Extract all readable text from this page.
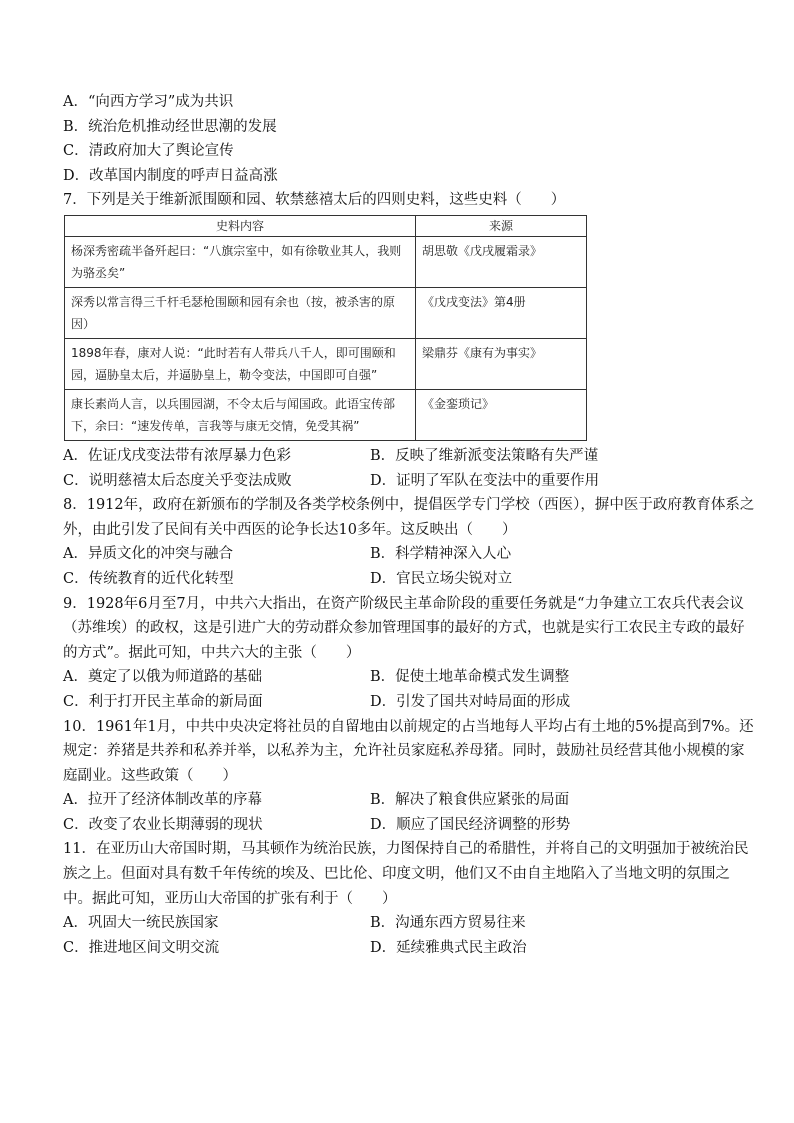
A．“向西方学习”成为共识
B．统治危机推动经世思潮的发展
C．清政府加大了舆论宣传
D．改革国内制度的呼声日益高涨
7．下列是关于维新派围颐和园、软禁慈禧太后的四则史料，这些史料（　　）
史料内容	来源
杨深秀密疏半备歼起曰：“八旗宗室中，如有徐敬业其人，我则为骆丞矣”	胡思敬《戊戌履霜录》
深秀以常言得三千杆毛瑟枪围颐和园有余也（按，被杀害的原因）	《戊戌变法》第4册
1898年春，康对人说：“此时若有人带兵八千人，即可围颐和园，逼胁皇太后，并逼胁皇上，勒令变法，中国即可自强”	梁鼎芬《康有为事实》
康长素尚人言，以兵围园湖，不令太后与闻国政。此语宝传部下，余曰：“速发传单，言我等与康无交情，免受其祸”	《金銮琐记》
A．佐证戊戌变法带有浓厚暴力色彩	B．反映了维新派变法策略有失严谨
C．说明慈禧太后态度关乎变法成败	D．证明了军队在变法中的重要作用
8．1912年，政府在新颁布的学制及各类学校条例中，提倡医学专门学校（西医），摒中医于政府教育体系之
外，由此引发了民间有关中西医的论争长达10多年。这反映出（　　）
A．异质文化的冲突与融合	B．科学精神深入人心
C．传统教育的近代化转型	D．官民立场尖锐对立
9．1928年6月至7月，中共六大指出，在资产阶级民主革命阶段的重要任务就是“力争建立工农兵代表会议
（苏维埃）的政权，这是引进广大的劳动群众参加管理国事的最好的方式，也就是实行工农民主专政的最好
的方式”。据此可知，中共六大的主张（　　）
A．奠定了以俄为师道路的基础	B．促使土地革命模式发生调整
C．利于打开民主革命的新局面	D．引发了国共对峙局面的形成
10．1961年1月，中共中央决定将社员的自留地由以前规定的占当地每人平均占有土地的5%提高到7%。还
规定：养猪是共养和私养并举，以私养为主，允许社员家庭私养母猪。同时，鼓励社员经营其他小规模的家
庭副业。这些政策（　　）
A．拉开了经济体制改革的序幕	B．解决了粮食供应紧张的局面
C．改变了农业长期薄弱的现状	D．顺应了国民经济调整的形势
11．在亚历山大帝国时期，马其顿作为统治民族，力图保持自己的希腊性，并将自己的文明强加于被统治民
族之上。但面对具有数千年传统的埃及、巴比伦、印度文明，他们又不由自主地陷入了当地文明的氛围之
中。据此可知，亚历山大帝国的扩张有利于（　　）
A．巩固大一统民族国家	B．沟通东西方贸易往来
C．推进地区间文明交流	D．延续雅典式民主政治
